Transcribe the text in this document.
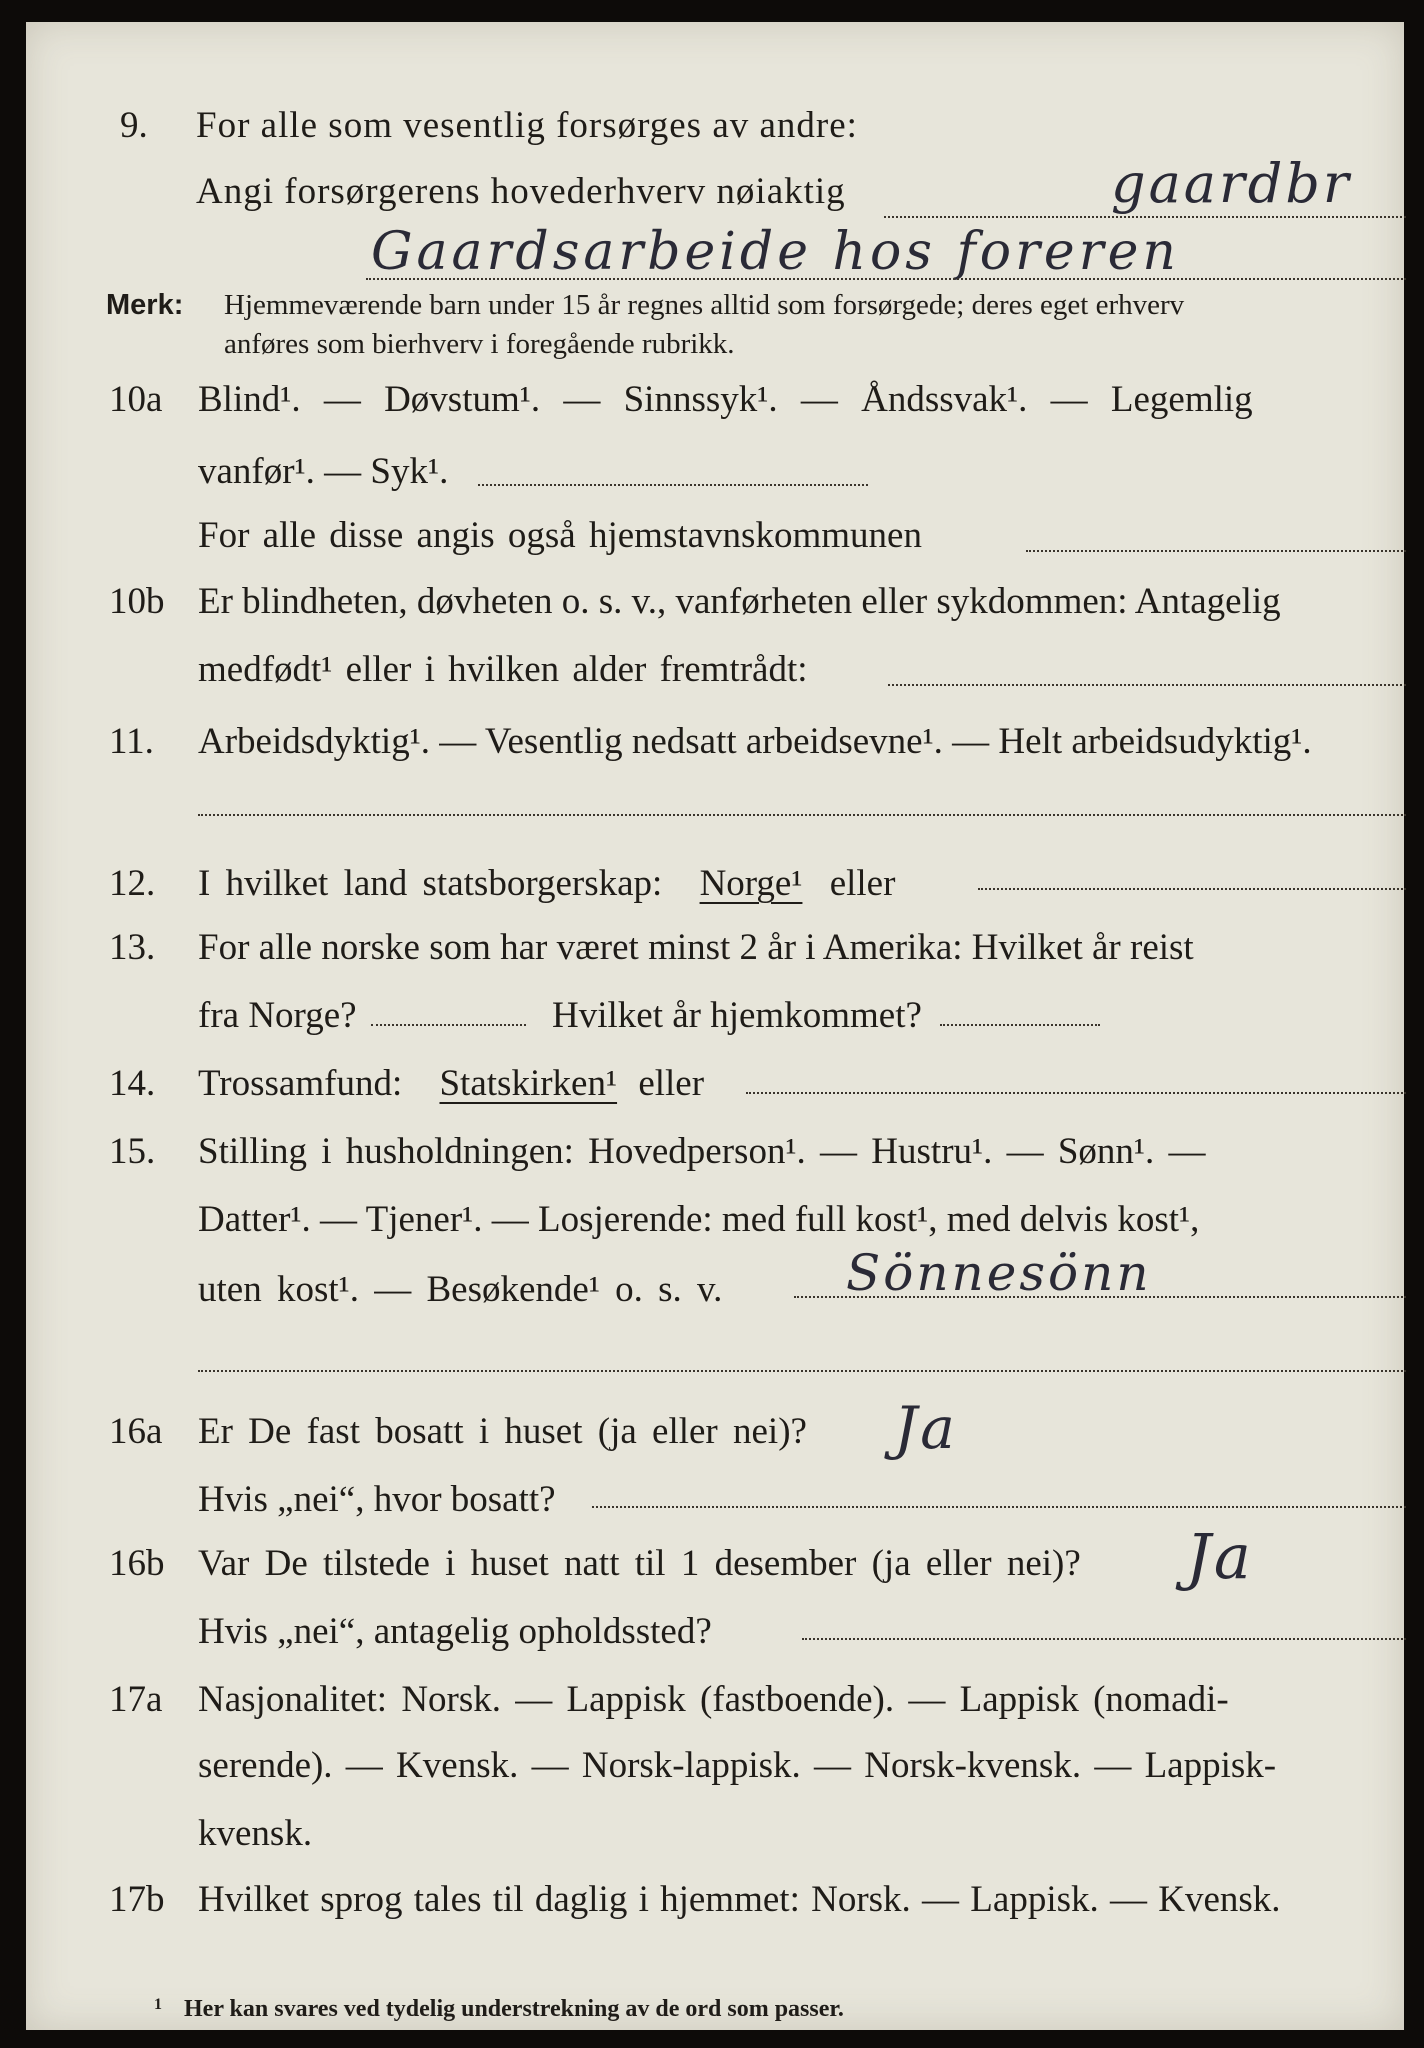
9. For alle som vesentlig forsørges av andre:
Angi forsørgerens hovederhverv nøiaktig	gaardbr
Gaardsarbeide hos foreren
Merk: Hjemmeværende barn under 15 år regnes alltid som forsørgede; deres eget erhverv
anføres som bierhverv i foregående rubrikk.
10a Blind¹. — Døvstum¹. — Sinnssyk¹. — Åndssvak¹. — Legemlig
vanfør¹. — Syk¹.
For alle disse angis også hjemstavnskommunen
10b Er blindheten, døvheten o. s. v., vanførheten eller sykdommen: Antagelig
medfødt¹ eller i hvilken alder fremtrådt:
11. Arbeidsdyktig¹. — Vesentlig nedsatt arbeidsevne¹. — Helt arbeidsudyktig¹.
12. I hvilket land statsborgerskap: Norge¹ eller
13. For alle norske som har været minst 2 år i Amerika: Hvilket år reist
fra Norge?	Hvilket år hjemkommet?
14. Trossamfund: Statskirken¹ eller
15. Stilling i husholdningen: Hovedperson¹. — Hustru¹. — Sønn¹. —
Datter¹. — Tjener¹. — Losjerende: med full kost¹, med delvis kost¹,
uten kost¹. — Besøkende¹ o. s. v. Sönnesönn
16a Er De fast bosatt i huset (ja eller nei)? Ja
Hvis „nei“, hvor bosatt?
16b Var De tilstede i huset natt til 1 desember (ja eller nei)? Ja
Hvis „nei“, antagelig opholdssted?
17a Nasjonalitet: Norsk. — Lappisk (fastboende). — Lappisk (nomadi-
serende). — Kvensk. — Norsk-lappisk. — Norsk-kvensk. — Lappisk-
kvensk.
17b Hvilket sprog tales til daglig i hjemmet: Norsk. — Lappisk. — Kvensk.
$^1$ Her kan svares ved tydelig understrekning av de ord som passer.
